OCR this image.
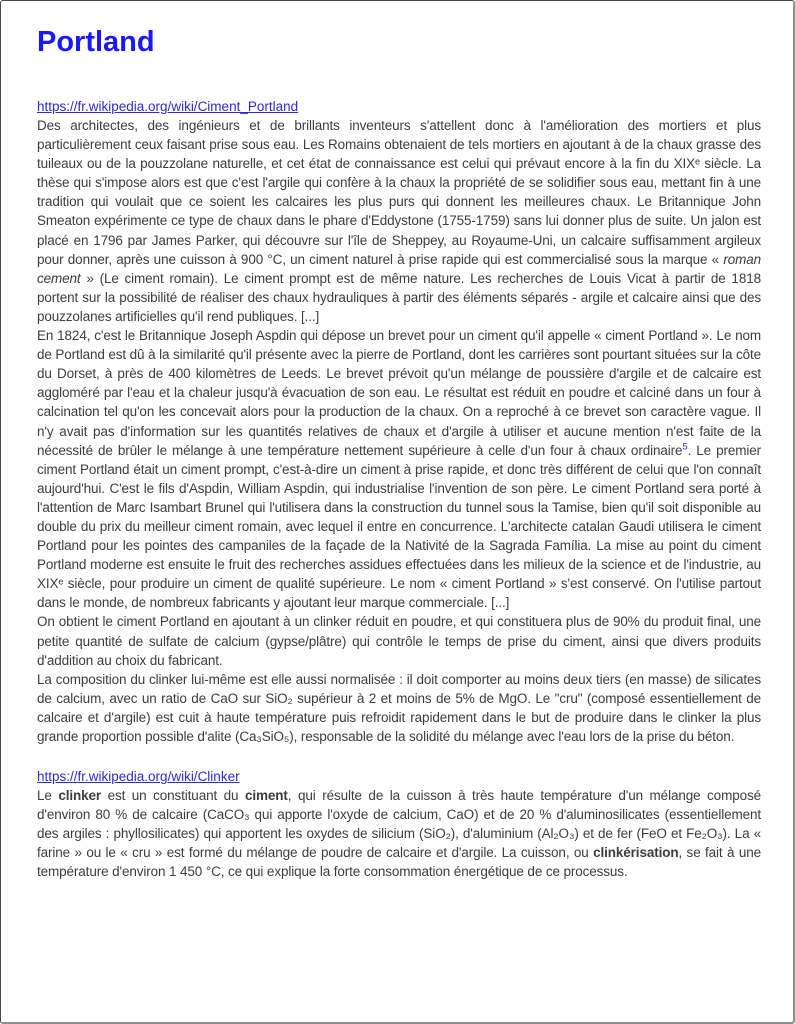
Portland
https://fr.wikipedia.org/wiki/Ciment_Portland

Des architectes, des ingénieurs et de brillants inventeurs s'attellent donc à l'amélioration des mortiers et plus particulièrement ceux faisant prise sous eau. Les Romains obtenaient de tels mortiers en ajoutant à de la chaux grasse des tuileaux ou de la pouzzolane naturelle, et cet état de connaissance est celui qui prévaut encore à la fin du XIXᵉ siècle. La thèse qui s'impose alors est que c'est l'argile qui confère à la chaux la propriété de se solidifier sous eau, mettant fin à une tradition qui voulait que ce soient les calcaires les plus purs qui donnent les meilleures chaux. Le Britannique John Smeaton expérimente ce type de chaux dans le phare d'Eddystone (1755-1759) sans lui donner plus de suite. Un jalon est placé en 1796 par James Parker, qui découvre sur l'île de Sheppey, au Royaume-Uni, un calcaire suffisamment argileux pour donner, après une cuisson à 900 °C, un ciment naturel à prise rapide qui est commercialisé sous la marque « roman cement » (Le ciment romain). Le ciment prompt est de même nature. Les recherches de Louis Vicat à partir de 1818 portent sur la possibilité de réaliser des chaux hydrauliques à partir des éléments séparés - argile et calcaire ainsi que des pouzzolanes artificielles qu'il rend publiques. [...]

En 1824, c'est le Britannique Joseph Aspdin qui dépose un brevet pour un ciment qu'il appelle « ciment Portland ». Le nom de Portland est dû à la similarité qu'il présente avec la pierre de Portland, dont les carrières sont pourtant situées sur la côte du Dorset, à près de 400 kilomètres de Leeds. Le brevet prévoit qu'un mélange de poussière d'argile et de calcaire est aggloméré par l'eau et la chaleur jusqu'à évacuation de son eau. Le résultat est réduit en poudre et calciné dans un four à calcination tel qu'on les concevait alors pour la production de la chaux. On a reproché à ce brevet son caractère vague. Il n'y avait pas d'information sur les quantités relatives de chaux et d'argile à utiliser et aucune mention n'est faite de la nécessité de brûler le mélange à une température nettement supérieure à celle d'un four à chaux ordinaire$^5$. Le premier ciment Portland était un ciment prompt, c'est-à-dire un ciment à prise rapide, et donc très différent de celui que l'on connaît aujourd'hui. C'est le fils d'Aspdin, William Aspdin, qui industrialise l'invention de son père. Le ciment Portland sera porté à l'attention de Marc Isambart Brunel qui l'utilisera dans la construction du tunnel sous la Tamise, bien qu'il soit disponible au double du prix du meilleur ciment romain, avec lequel il entre en concurrence. L'architecte catalan Gaudi utilisera le ciment Portland pour les pointes des campaniles de la façade de la Nativité de la Sagrada Família. La mise au point du ciment Portland moderne est ensuite le fruit des recherches assidues effectuées dans les milieux de la science et de l'industrie, au XIXᵉ siècle, pour produire un ciment de qualité supérieure. Le nom « ciment Portland » s'est conservé. On l'utilise partout dans le monde, de nombreux fabricants y ajoutant leur marque commerciale. [...]

On obtient le ciment Portland en ajoutant à un clinker réduit en poudre, et qui constituera plus de 90% du produit final, une petite quantité de sulfate de calcium (gypse/plâtre) qui contrôle le temps de prise du ciment, ainsi que divers produits d'addition au choix du fabricant.

La composition du clinker lui-même est elle aussi normalisée : il doit comporter au moins deux tiers (en masse) de silicates de calcium, avec un ratio de CaO sur SiO₂ supérieur à 2 et moins de 5% de MgO. Le "cru" (composé essentiellement de calcaire et d'argile) est cuit à haute température puis refroidit rapidement dans le but de produire dans le clinker la plus grande proportion possible d'alite (Ca₃SiO₅), responsable de la solidité du mélange avec l'eau lors de la prise du béton.

https://fr.wikipedia.org/wiki/Clinker

Le clinker est un constituant du ciment, qui résulte de la cuisson à très haute température d'un mélange composé d'environ 80 % de calcaire (CaCO₃ qui apporte l'oxyde de calcium, CaO) et de 20 % d'aluminosilicates (essentiellement des argiles : phyllosilicates) qui apportent les oxydes de silicium (SiO₂), d'aluminium (Al₂O₃) et de fer (FeO et Fe₂O₃). La « farine » ou le « cru » est formé du mélange de poudre de calcaire et d'argile. La cuisson, ou clinkérisation, se fait à une température d'environ 1 450 °C, ce qui explique la forte consommation énergétique de ce processus.
